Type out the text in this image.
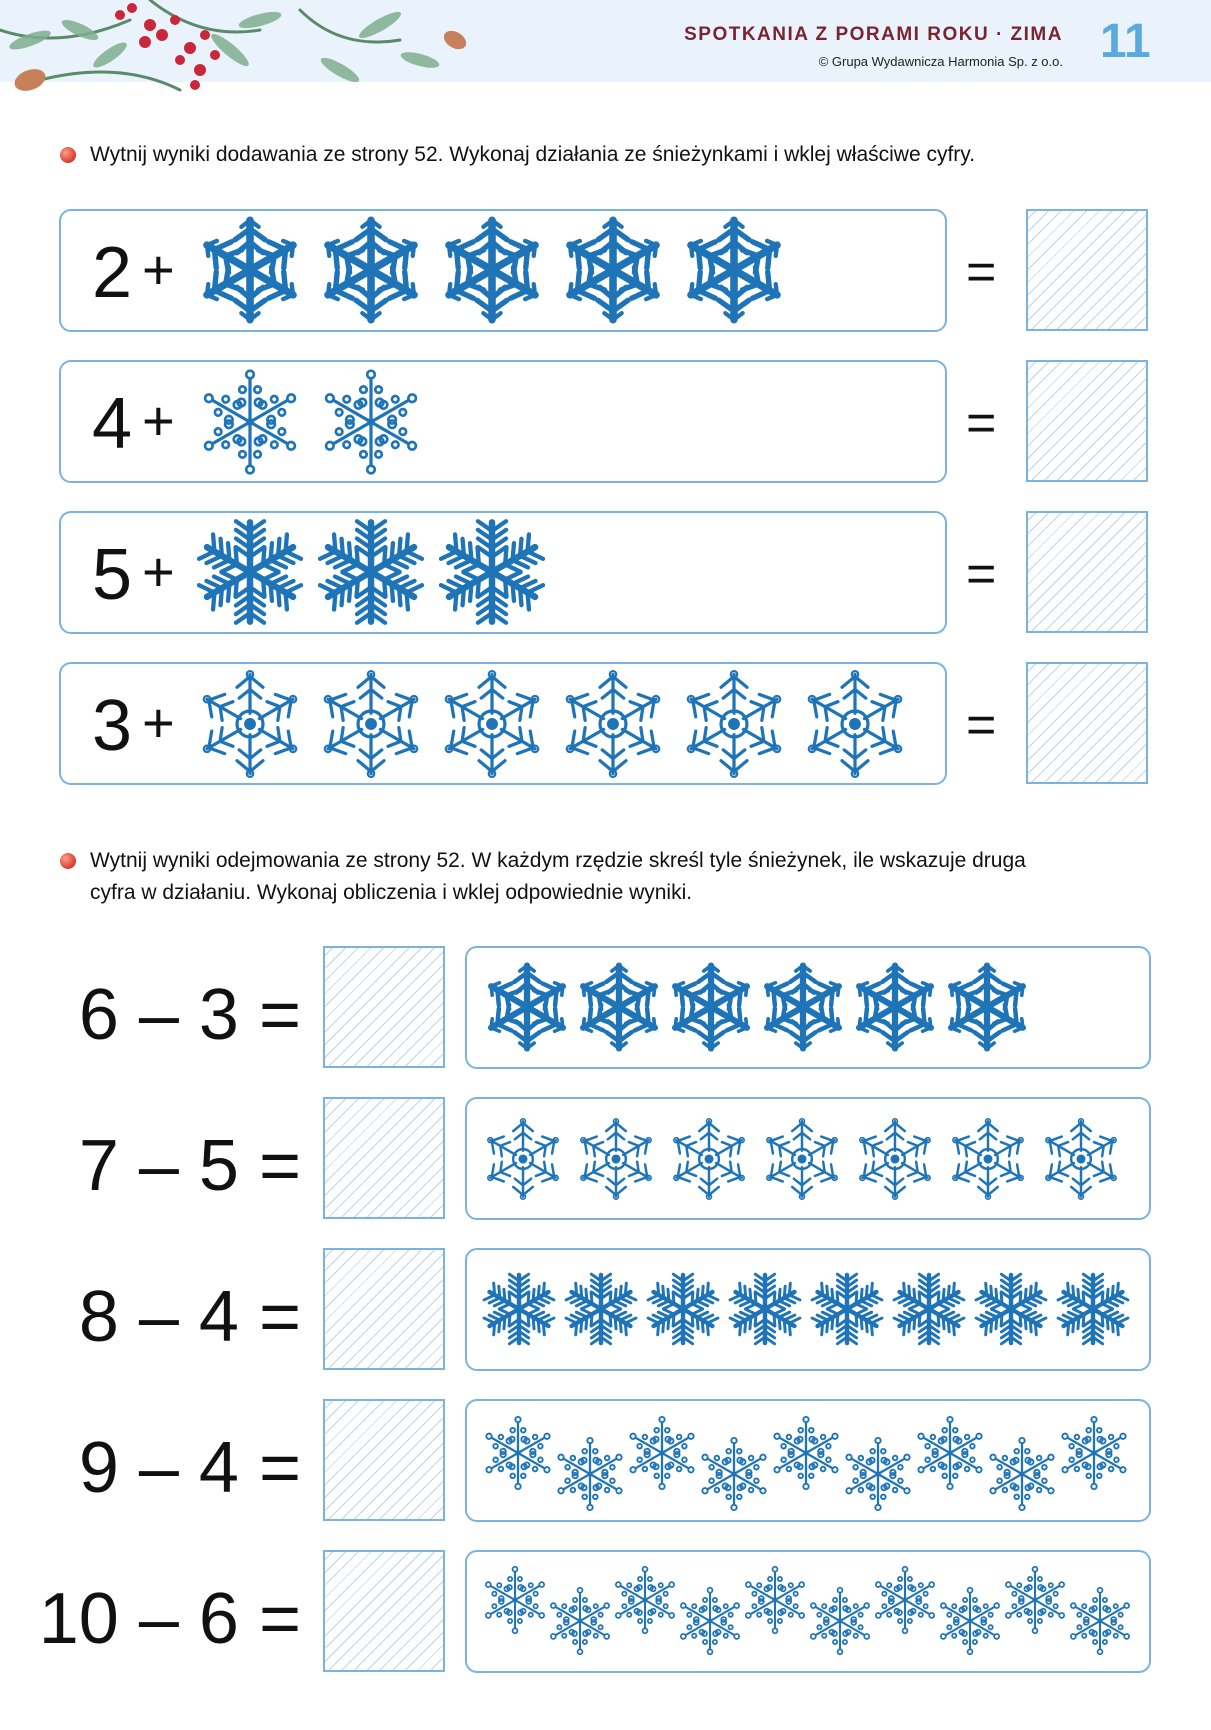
SPOTKANIA Z PORAMI ROKU · ZIMA
© Grupa Wydawnicza Harmonia Sp. z o.o. 11
Wytnij wyniki dodawania ze strony 52. Wykonaj działania ze śnieżynkami i wklej właściwe cyfry.
2 +	=
4 +	=
5 +	=
3 +	=
Wytnij wyniki odejmowania ze strony 52. W każdym rzędzie skreśl tyle śnieżynek, ile wskazuje druga
cyfra w działaniu. Wykonaj obliczenia i wklej odpowiednie wyniki.
6 – 3 =
7 – 5 =
8 – 4 =
9 – 4 =
10 – 6 =
